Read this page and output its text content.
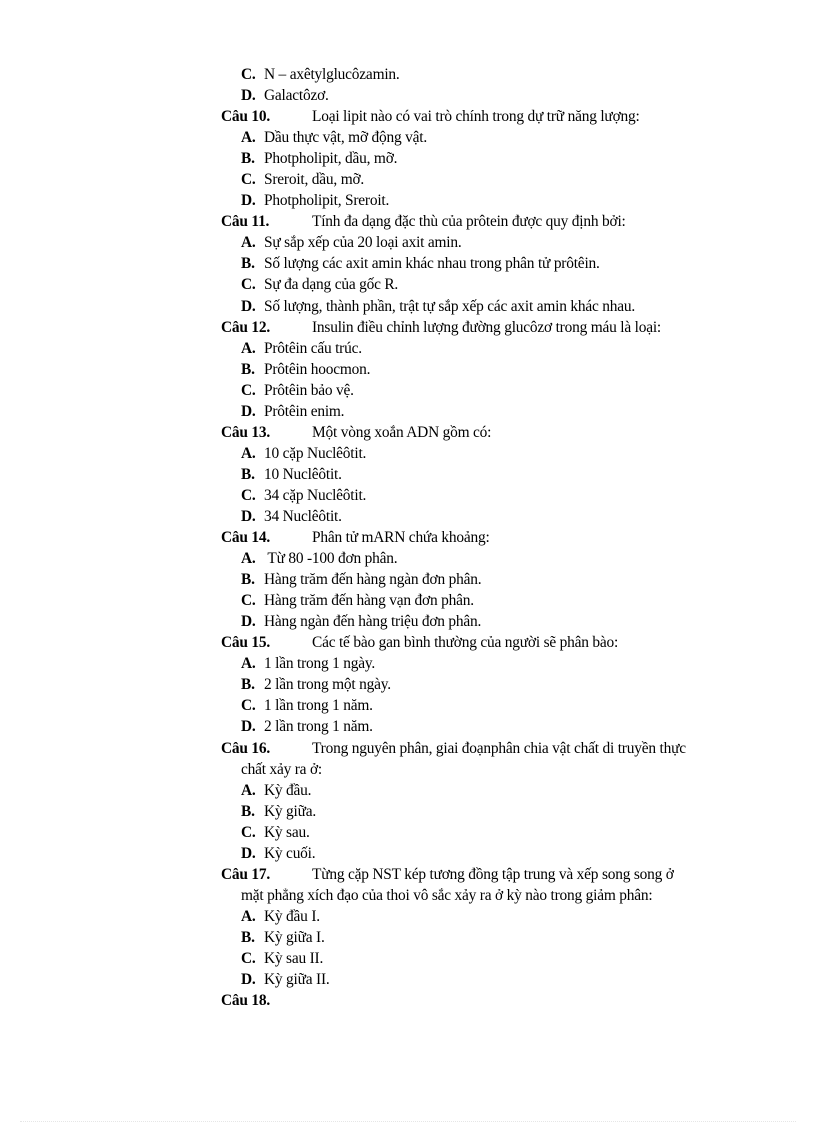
C. N – axêtylglucôzamin.
D. Galactôzơ.
Câu 10.	Loại lipit nào có vai trò chính trong dự trữ năng lượng:
A. Dầu thực vật, mỡ động vật.
B. Photpholipit, dầu, mỡ.
C. Sreroit, dầu, mỡ.
D. Photpholipit, Sreroit.
Câu 11.	Tính đa dạng đặc thù của prôtein được quy định bởi:
A. Sự sắp xếp của 20 loại axit amin.
B. Số lượng các axit amin khác nhau trong phân tử prôtêin.
C. Sự đa dạng của gốc R.
D. Số lượng, thành phần, trật tự sắp xếp các axit amin khác nhau.
Câu 12.	Insulin điều chỉnh lượng đường glucôzơ trong máu là loại:
A. Prôtêin cấu trúc.
B. Prôtêin hoocmon.
C. Prôtêin bảo vệ.
D. Prôtêin enim.
Câu 13.	Một vòng xoắn ADN gồm có:
A. 10 cặp Nuclêôtit.
B. 10 Nuclêôtit.
C. 34 cặp Nuclêôtit.
D. 34 Nuclêôtit.
Câu 14.	Phân tử mARN chứa khoảng:
A. Từ 80 -100 đơn phân.
B. Hàng trăm đến hàng ngàn đơn phân.
C. Hàng trăm đến hàng vạn đơn phân.
D. Hàng ngàn đến hàng triệu đơn phân.
Câu 15.	Các tế bào gan bình thường của người sẽ phân bào:
A. 1 lần trong 1 ngày.
B. 2 lần trong một ngày.
C. 1 lần trong 1 năm.
D. 2 lần trong 1 năm.
Câu 16.	Trong nguyên phân, giai đoạnphân chia vật chất di truyền thực
chất xảy ra ở:
A. Kỳ đầu.
B. Kỳ giữa.
C. Kỳ sau.
D. Kỳ cuối.
Câu 17.	Từng cặp NST kép tương đồng tập trung và xếp song song ở
mặt phẳng xích đạo của thoi vô sắc xảy ra ở kỳ nào trong giảm phân:
A. Kỳ đầu I.
B. Kỳ giữa I.
C. Kỳ sau II.
D. Kỳ giữa II.
Câu 18.
